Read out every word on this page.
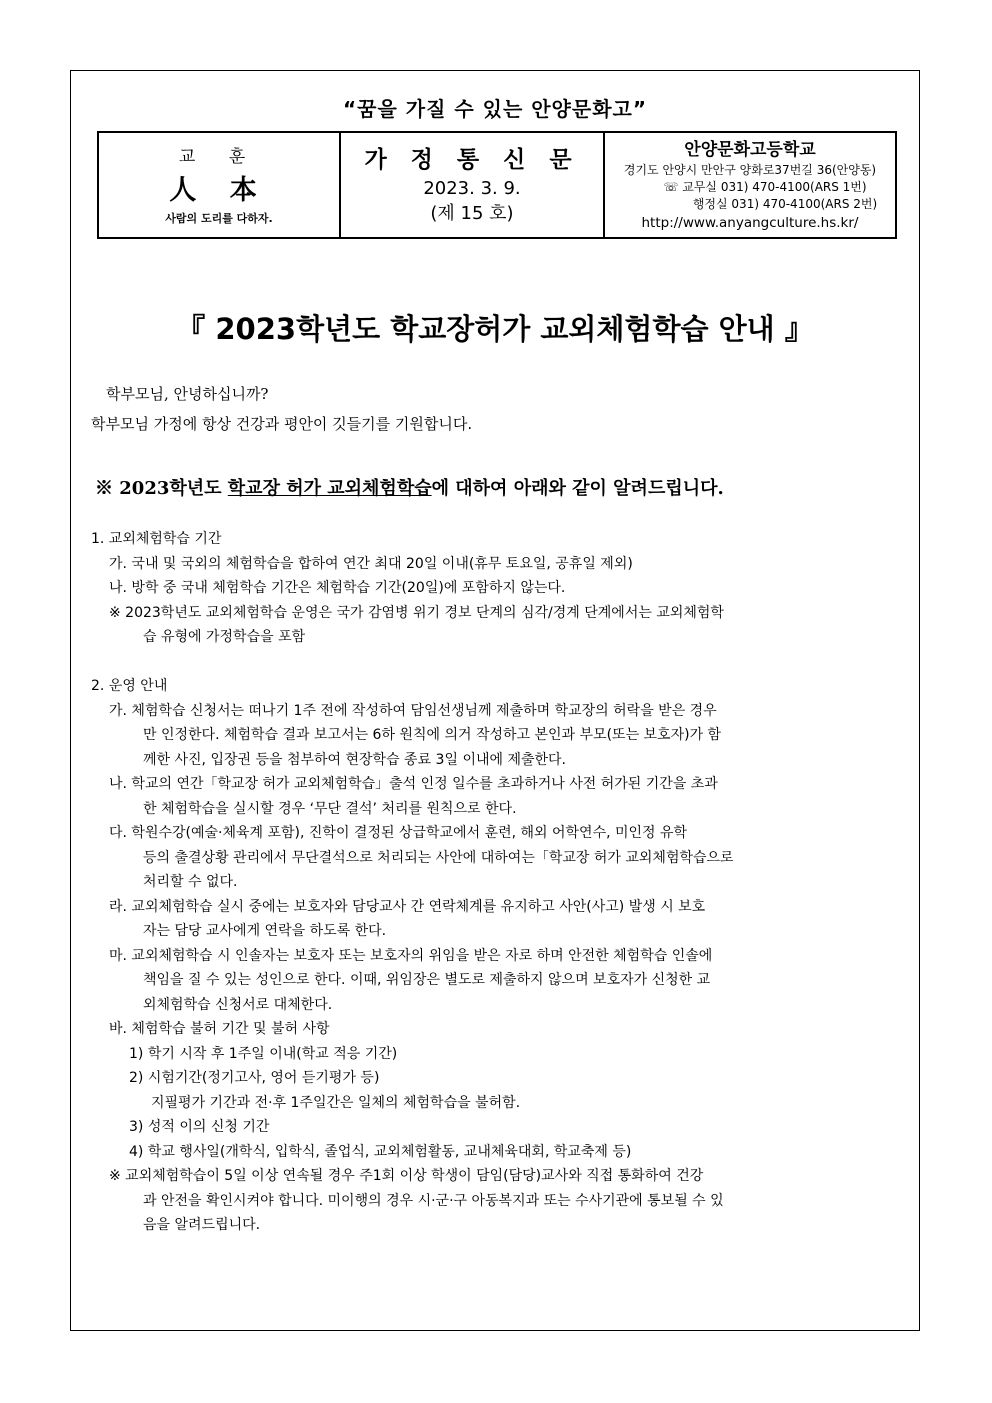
“꿈을 가질 수 있는 안양문화고”
교 훈
人 本
사람의 도리를 다하자.

가 정 통 신 문
2023. 3. 9.
(제 15 호)

안양문화고등학교
경기도 안양시 만안구 양화로37번길 36(안양동)
☏ 교무실 031) 470-4100(ARS 1번)
행정실 031) 470-4100(ARS 2번)
http://www.anyangculture.hs.kr/
『 2023학년도 학교장허가 교외체험학습 안내 』
학부모님, 안녕하십니까?
학부모님 가정에 항상 건강과 평안이 깃들기를 기원합니다.
※ 2023학년도 학교장 허가 교외체험학습에 대하여 아래와 같이 알려드립니다.
1. 교외체험학습 기간
가. 국내 및 국외의 체험학습을 합하여 연간 최대 20일 이내(휴무 토요일, 공휴일 제외)
나. 방학 중 국내 체험학습 기간은 체험학습 기간(20일)에 포함하지 않는다.
※ 2023학년도 교외체험학습 운영은 국가 감염병 위기 경보 단계의 심각/경계 단계에서는 교외체험학
습 유형에 가정학습을 포함
2. 운영 안내
가. 체험학습 신청서는 떠나기 1주 전에 작성하여 담임선생님께 제출하며 학교장의 허락을 받은 경우
만 인정한다. 체험학습 결과 보고서는 6하 원칙에 의거 작성하고 본인과 부모(또는 보호자)가 함
께한 사진, 입장권 등을 첨부하여 현장학습 종료 3일 이내에 제출한다.
나. 학교의 연간「학교장 허가 교외체험학습」출석 인정 일수를 초과하거나 사전 허가된 기간을 초과
한 체험학습을 실시할 경우 ‘무단 결석’ 처리를 원칙으로 한다.
다. 학원수강(예술·체육계 포함), 진학이 결정된 상급학교에서 훈련, 해외 어학연수, 미인정 유학
등의 출결상황 관리에서 무단결석으로 처리되는 사안에 대하여는「학교장 허가 교외체험학습으로
처리할 수 없다.
라. 교외체험학습 실시 중에는 보호자와 담당교사 간 연락체계를 유지하고 사안(사고) 발생 시 보호
자는 담당 교사에게 연락을 하도록 한다.
마. 교외체험학습 시 인솔자는 보호자 또는 보호자의 위임을 받은 자로 하며 안전한 체험학습 인솔에
책임을 질 수 있는 성인으로 한다. 이때, 위임장은 별도로 제출하지 않으며 보호자가 신청한 교
외체험학습 신청서로 대체한다.
바. 체험학습 불허 기간 및 불허 사항
1) 학기 시작 후 1주일 이내(학교 적응 기간)
2) 시험기간(정기고사, 영어 듣기평가 등)
지필평가 기간과 전·후 1주일간은 일체의 체험학습을 불허함.
3) 성적 이의 신청 기간
4) 학교 행사일(개학식, 입학식, 졸업식, 교외체험활동, 교내체육대회, 학교축제 등)
※ 교외체험학습이 5일 이상 연속될 경우 주1회 이상 학생이 담임(담당)교사와 직접 통화하여 건강
과 안전을 확인시켜야 합니다. 미이행의 경우 시·군·구 아동복지과 또는 수사기관에 통보될 수 있
음을 알려드립니다.
